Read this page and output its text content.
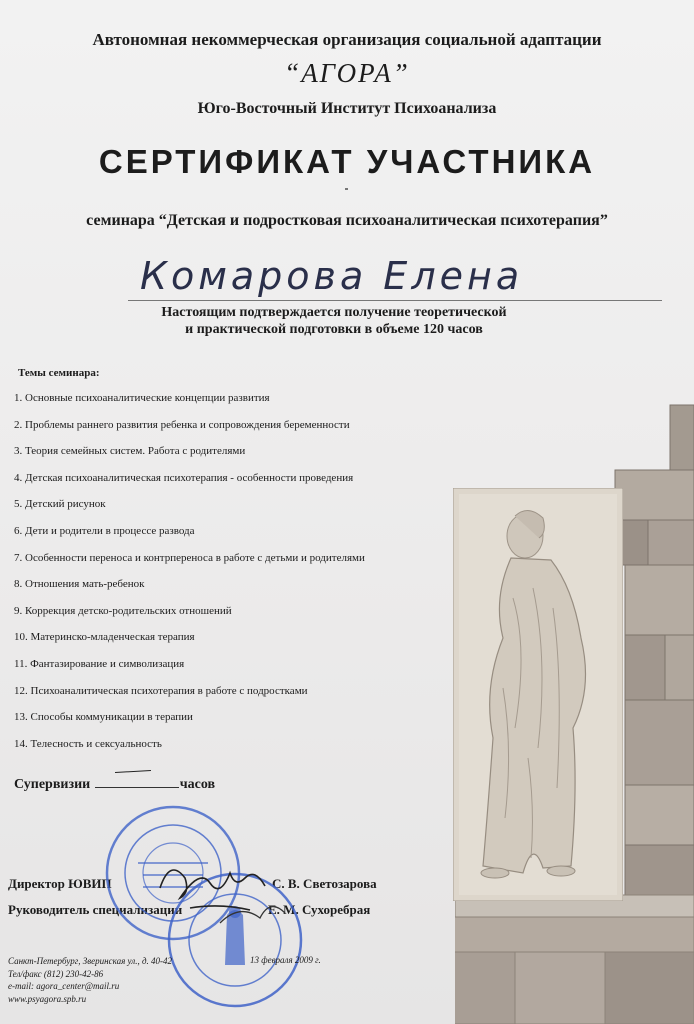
Автономная некоммерческая организация социальной адаптации
“АГОРА”
Юго-Восточный Институт Психоанализа
СЕРТИФИКАТ УЧАСТНИКА
семинара “Детская и подростковая психоаналитическая психотерапия”
Комарова Елена
Настоящим подтверждается получение теоретической
и практической подготовки в объеме 120 часов
Темы семинара:
1. Основные психоаналитические концепции развития
2. Проблемы раннего развития ребенка и сопровождения беременности
3. Теория семейных систем. Работа с родителями
4. Детская психоаналитическая психотерапия - особенности проведения
5. Детский рисунок
6. Дети и родители в процессе развода
7. Особенности переноса и контрпереноса в работе с детьми и родителями
8. Отношения мать-ребенок
9. Коррекция детско-родительских отношений
10. Материнско-младенческая терапия
11. Фантазирование и символизация
12. Психоаналитическая психотерапия в работе с подростками
13. Способы коммуникации в терапии
14. Телесность и сексуальность
Супервизии	часов
Директор ЮВИП	С. В. Светозарова
Руководитель специализации	Е. М. Сухоребрая
Санкт-Петербург, Зверинская ул., д. 40-42
Тел/факс (812) 230-42-86
e-mail: agora_center@mail.ru
www.psyagora.spb.ru
13 февраля 2009 г.
